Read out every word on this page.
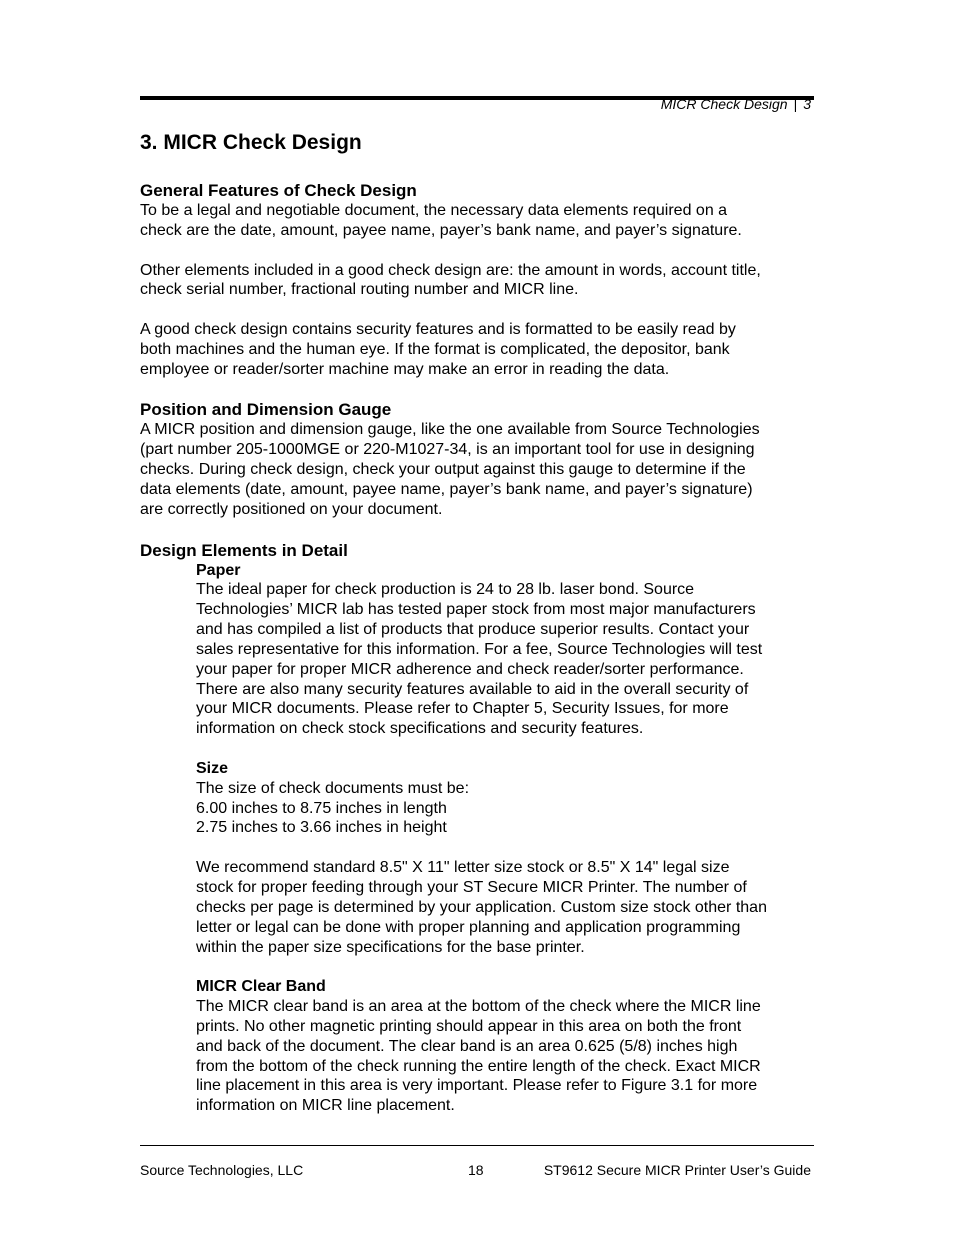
MICR Check Design | 3
3. MICR Check Design
General Features of Check Design

To be a legal and negotiable document, the necessary data elements required on a

check are the date, amount, payee name, payer’s bank name, and payer’s signature.

Other elements included in a good check design are: the amount in words, account title,

check serial number, fractional routing number and MICR line.

A good check design contains security features and is formatted to be easily read by

both machines and the human eye. If the format is complicated, the depositor, bank

employee or reader/sorter machine may make an error in reading the data.

Position and Dimension Gauge

A MICR position and dimension gauge, like the one available from Source Technologies

(part number 205-1000MGE or 220-M1027-34, is an important tool for use in designing

checks. During check design, check your output against this gauge to determine if the

data elements (date, amount, payee name, payer’s bank name, and payer’s signature)

are correctly positioned on your document.

Design Elements in Detail
Paper

The ideal paper for check production is 24 to 28 lb. laser bond. Source

Technologies’ MICR lab has tested paper stock from most major manufacturers

and has compiled a list of products that produce superior results. Contact your

sales representative for this information. For a fee, Source Technologies will test

your paper for proper MICR adherence and check reader/sorter performance.

There are also many security features available to aid in the overall security of

your MICR documents. Please refer to Chapter 5, Security Issues, for more

information on check stock specifications and security features.

Size

The size of check documents must be:

6.00 inches to 8.75 inches in length

2.75 inches to 3.66 inches in height

We recommend standard 8.5" X 11" letter size stock or 8.5" X 14" legal size

stock for proper feeding through your ST Secure MICR Printer. The number of

checks per page is determined by your application. Custom size stock other than

letter or legal can be done with proper planning and application programming

within the paper size specifications for the base printer.

MICR Clear Band

The MICR clear band is an area at the bottom of the check where the MICR line

prints. No other magnetic printing should appear in this area on both the front

and back of the document. The clear band is an area 0.625 (5/8) inches high

from the bottom of the check running the entire length of the check. Exact MICR

line placement in this area is very important. Please refer to Figure 3.1 for more

information on MICR line placement.

Source Technologies, LLC	18	ST9612 Secure MICR Printer User’s Guide
